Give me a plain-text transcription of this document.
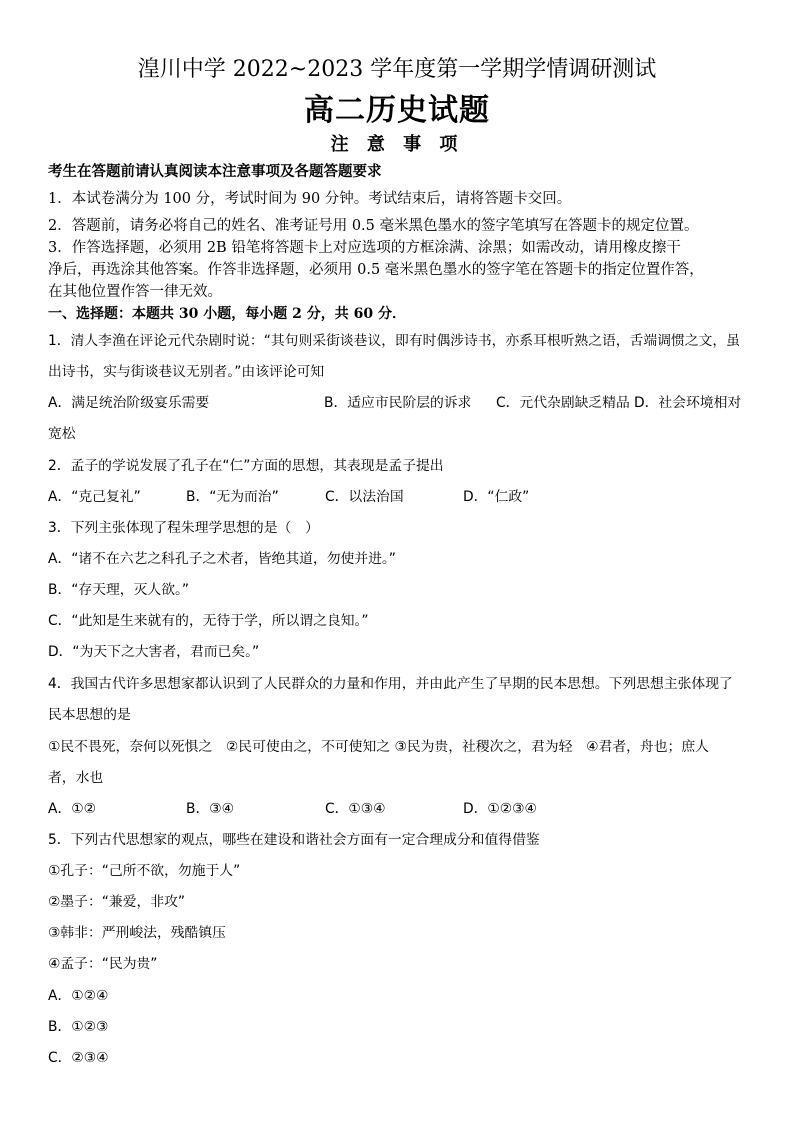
湟川中学 2022~2023 学年度第一学期学情调研测试
高二历史试题
注 意 事 项
考生在答题前请认真阅读本注意事项及各题答题要求
1．本试卷满分为 100 分，考试时间为 90 分钟。考试结束后，请将答题卡交回。
2．答题前，请务必将自己的姓名、准考证号用 0.5 毫米黑色墨水的签字笔填写在答题卡的规定位置。
3．作答选择题，必须用 2B 铅笔将答题卡上对应选项的方框涂满、涂黑；如需改动，请用橡皮擦干
净后，再选涂其他答案。作答非选择题，必须用 0.5 毫米黑色墨水的签字笔在答题卡的指定位置作答，
在其他位置作答一律无效。
一、选择题：本题共 30 小题，每小题 2 分，共 60 分．
1．清人李渔在评论元代杂剧时说：“其句则采街谈巷议，即有时偶涉诗书，亦系耳根听熟之语，舌端调惯之文，虽
出诗书，实与街谈巷议无别者。”由该评论可知
A．满足统治阶级宴乐需要	B．适应市民阶层的诉求 C．元代杂剧缺乏精品 D．社会环境相对
宽松
2．孟子的学说发展了孔子在“仁”方面的思想，其表现是孟子提出
A．“克己复礼”	B．“无为而治”	C．以法治国	D．“仁政”
3．下列主张体现了程朱理学思想的是（　）
A．“诸不在六艺之科孔子之术者，皆绝其道，勿使并进。”
B．“存天理，灭人欲。”
C．“此知是生来就有的，无待于学，所以谓之良知。”
D．“为天下之大害者，君而已矣。”
4．我国古代许多思想家都认识到了人民群众的力量和作用，并由此产生了早期的民本思想。下列思想主张体现了
民本思想的是
①民不畏死，奈何以死惧之　②民可使由之，不可使知之 ③民为贵，社稷次之，君为轻　④君者，舟也；庶人
者，水也
A．①②	B．③④	C．①③④	D．①②③④
5．下列古代思想家的观点，哪些在建设和谐社会方面有一定合理成分和值得借鉴
①孔子：“己所不欲，勿施于人”
②墨子：“兼爱，非攻”
③韩非：严刑峻法，残酷镇压
④孟子：“民为贵”
A．①②④
B．①②③
C．②③④
